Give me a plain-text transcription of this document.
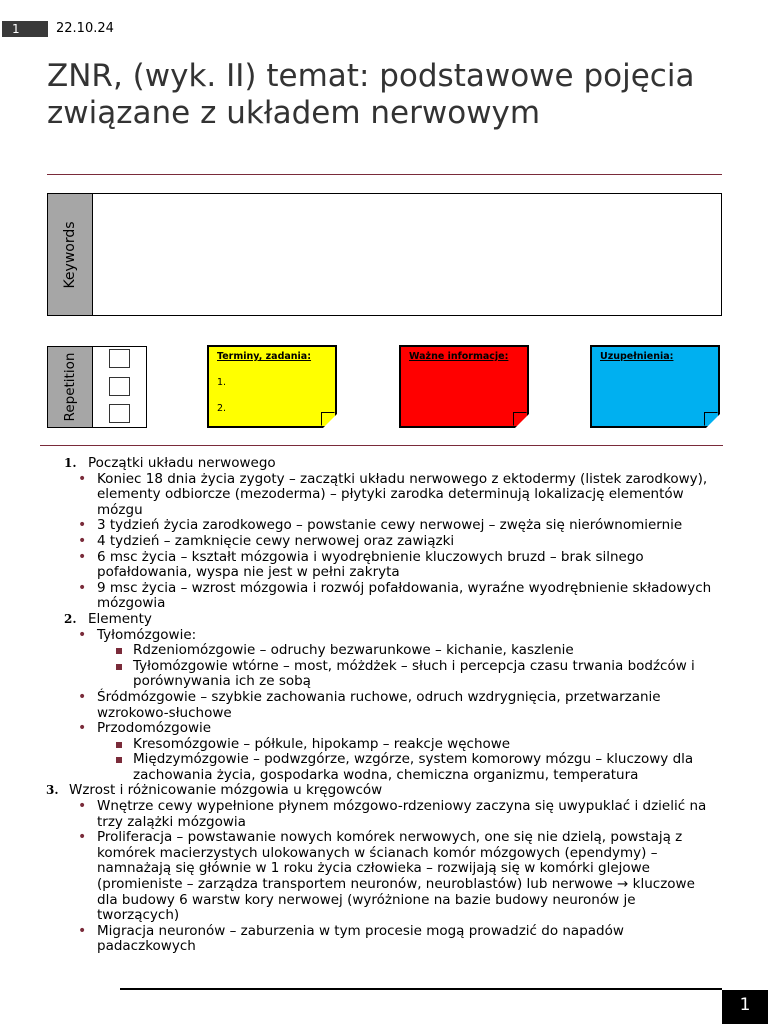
1	22.10.24
ZNR, (wyk. II) temat: podstawowe pojęcia związane z układem nerwowym
Keywords
Repetition	Terminy, zadania:
1.
2.
Ważne informacje:	Uzupełnienia:
1. Początki układu nerwowego
• Koniec 18 dnia życia zygoty – zaczątki układu nerwowego z ektodermy (listek zarodkowy), elementy odbiorcze (mezoderma) – płytyki zarodka determinują lokalizację elementów mózgu
• 3 tydzień życia zarodkowego – powstanie cewy nerwowej – zwęża się nierównomiernie
• 4 tydzień – zamknięcie cewy nerwowej oraz zawiązki
• 6 msc życia – kształt mózgowia i wyodrębnienie kluczowych bruzd – brak silnego pofałdowania, wyspa nie jest w pełni zakryta
• 9 msc życia – wzrost mózgowia i rozwój pofałdowania, wyraźne wyodrębnienie składowych mózgowia
2. Elementy
• Tyłomózgowie:
Rdzeniomózgowie – odruchy bezwarunkowe – kichanie, kaszlenie
Tyłomózgowie wtórne – most, móżdżek – słuch i percepcja czasu trwania bodźców i porównywania ich ze sobą
• Śródmózgowie – szybkie zachowania ruchowe, odruch wzdrygnięcia, przetwarzanie wzrokowo-słuchowe
• Przodomózgowie
Kresomózgowie – półkule, hipokamp – reakcje węchowe
Międzymózgowie – podwzgórze, wzgórze, system komorowy mózgu – kluczowy dla zachowania życia, gospodarka wodna, chemiczna organizmu, temperatura
3. Wzrost i różnicowanie mózgowia u kręgowców
• Wnętrze cewy wypełnione płynem mózgowo-rdzeniowy zaczyna się uwypuklać i dzielić na trzy zalążki mózgowia
• Proliferacja – powstawanie nowych komórek nerwowych, one się nie dzielą, powstają z komórek macierzystych ulokowanych w ścianach komór mózgowych (ependymy) – namnażają się głównie w 1 roku życia człowieka – rozwijają się w komórki glejowe (promieniste – zarządza transportem neuronów, neuroblastów) lub nerwowe → kluczowe dla budowy 6 warstw kory nerwowej (wyróżnione na bazie budowy neuronów je tworzących)
• Migracja neuronów – zaburzenia w tym procesie mogą prowadzić do napadów padaczkowych
1
